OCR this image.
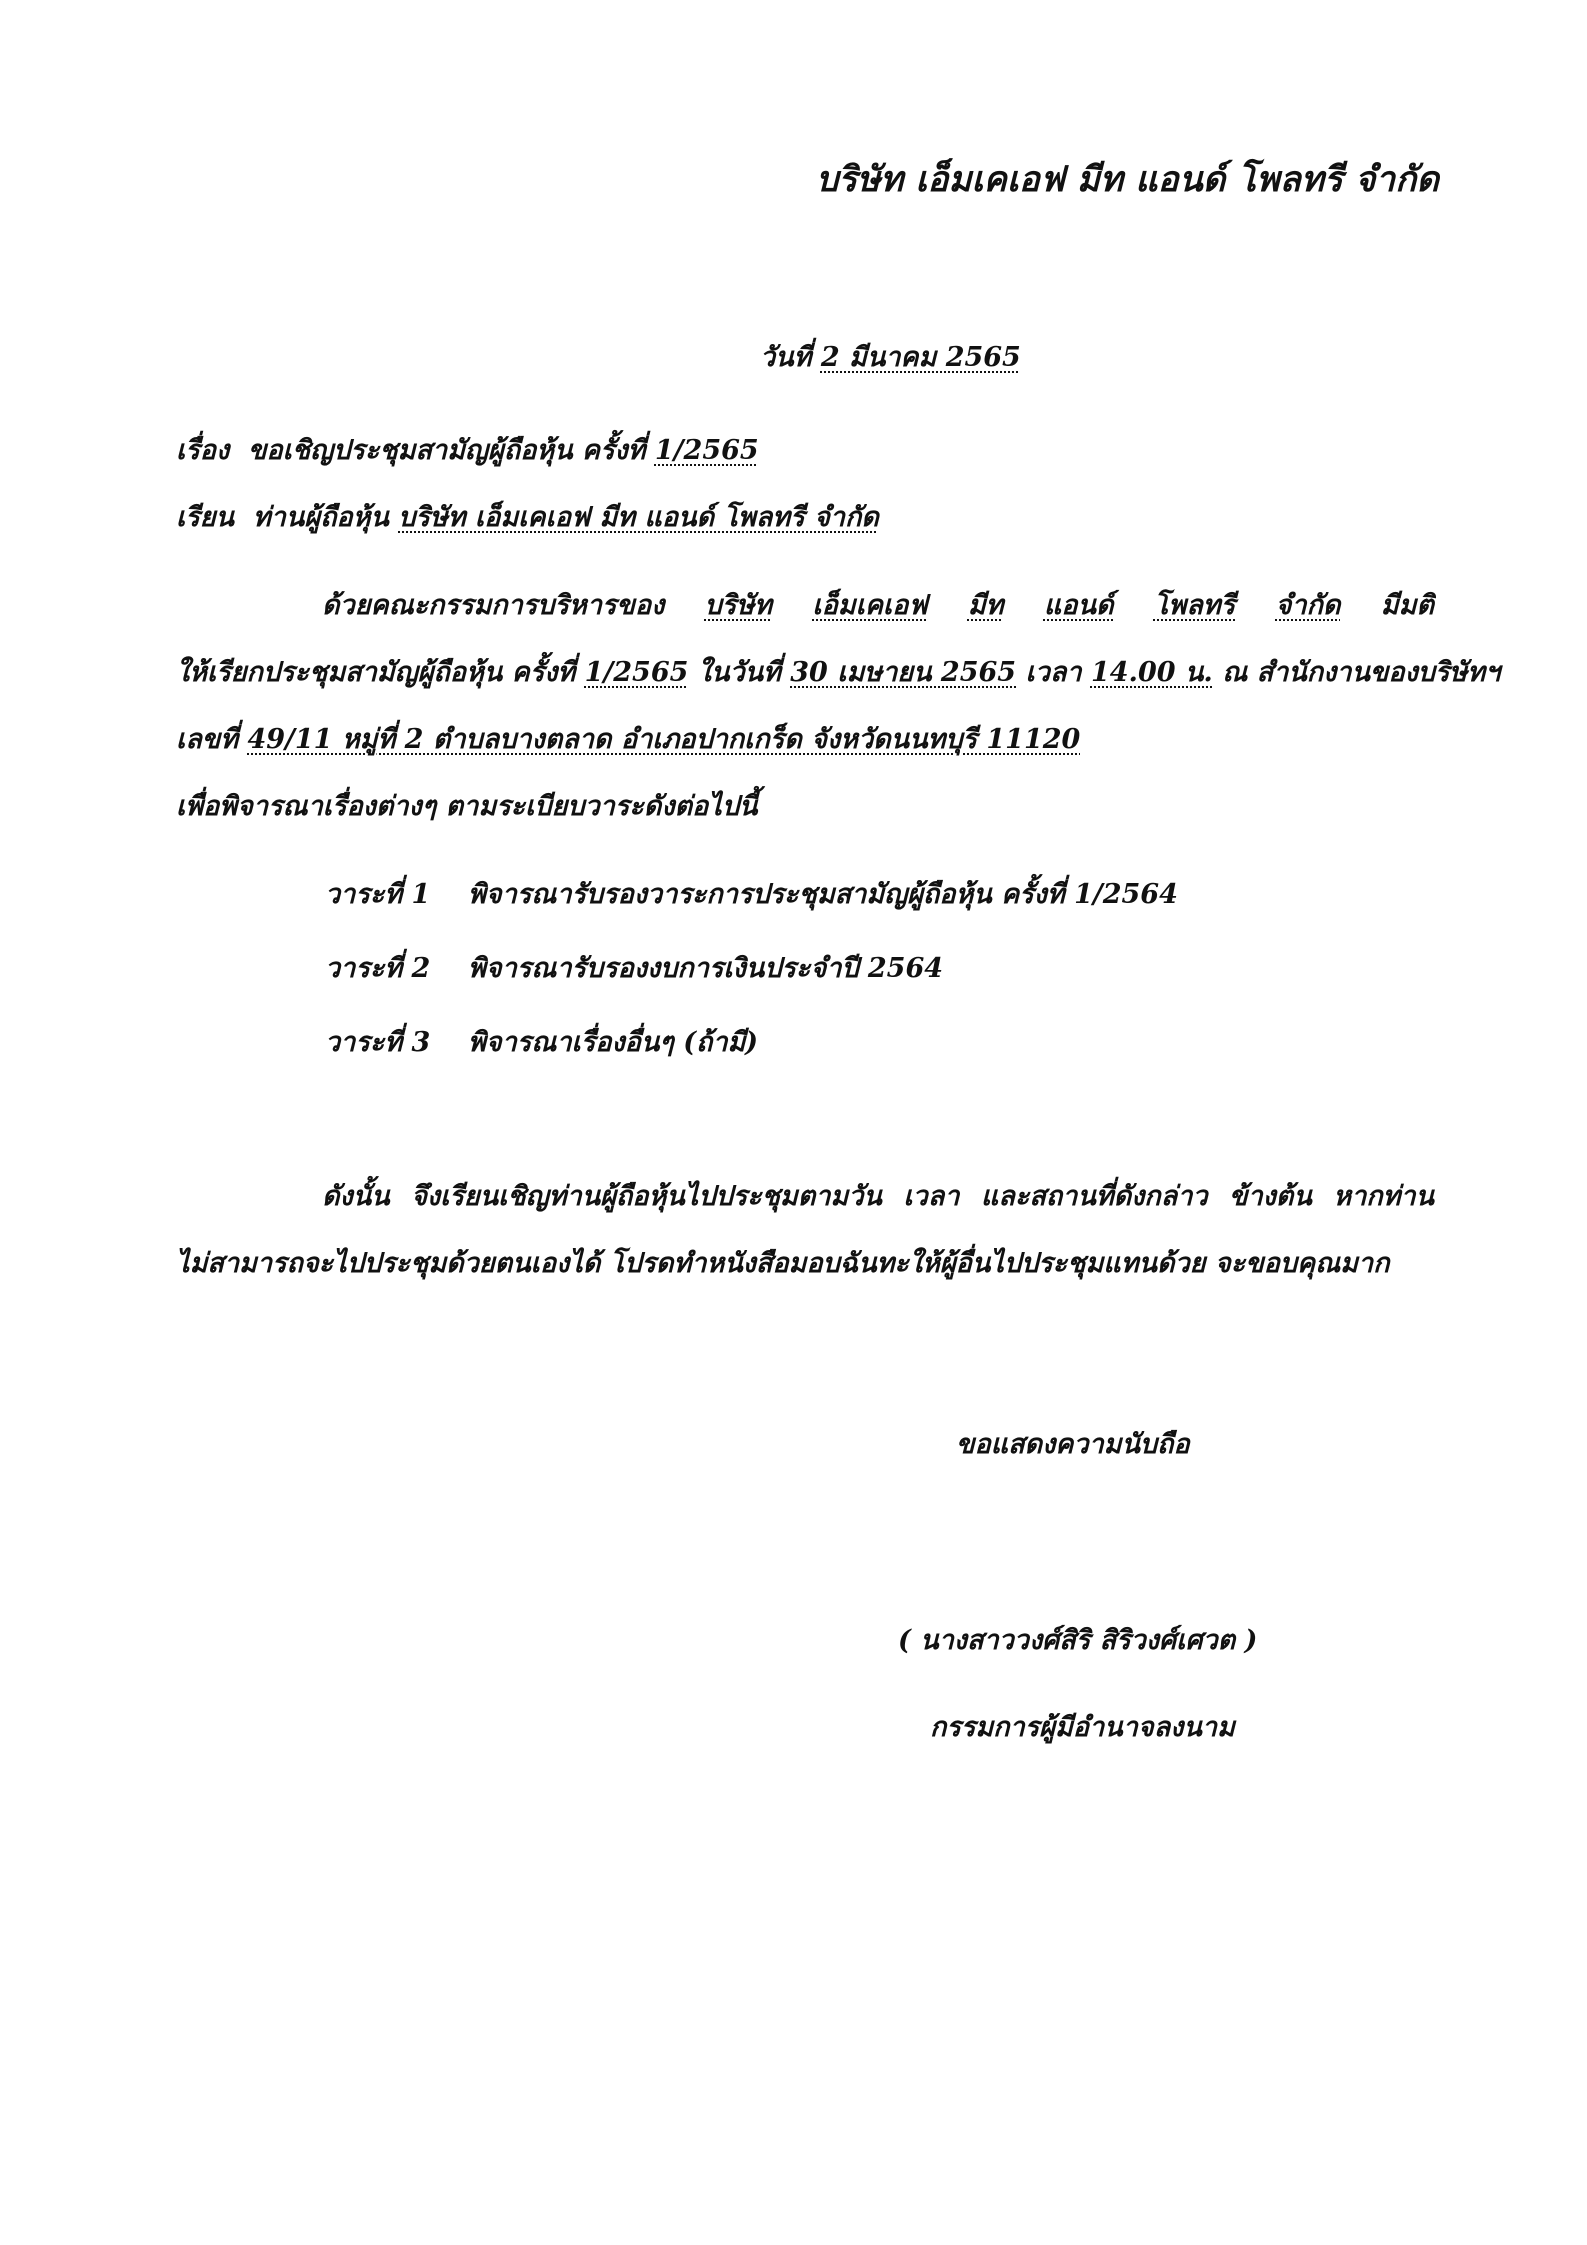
บริษัท เอ็มเคเอฟ มีท แอนด์ โพลทรี จำกัด
วันที่ 2 มีนาคม 2565
เรื่อง ขอเชิญประชุมสามัญผู้ถือหุ้น ครั้งที่ 1/2565
เรียน ท่านผู้ถือหุ้น บริษัท เอ็มเคเอฟ มีท แอนด์ โพลทรี จำกัด
ด้วยคณะกรรมการบริหารของ บริษัท เอ็มเคเอฟ มีท แอนด์ โพลทรี จำกัด มีมติ
ให้เรียกประชุมสามัญผู้ถือหุ้น ครั้งที่ 1/2565 ในวันที่ 30 เมษายน 2565 เวลา 14.00 น. ณ สำนักงานของบริษัทฯ
เลขที่ 49/11 หมู่ที่ 2 ตำบลบางตลาด อำเภอปากเกร็ด จังหวัดนนทบุรี 11120
เพื่อพิจารณาเรื่องต่างๆ ตามระเบียบวาระดังต่อไปนี้
วาระที่ 1 พิจารณารับรองวาระการประชุมสามัญผู้ถือหุ้น ครั้งที่ 1/2564
วาระที่ 2 พิจารณารับรองงบการเงินประจำปี 2564
วาระที่ 3 พิจารณาเรื่องอื่นๆ (ถ้ามี)
ดังนั้น จึงเรียนเชิญท่านผู้ถือหุ้นไปประชุมตามวัน เวลา และสถานที่ดังกล่าว ข้างต้น หากท่าน
ไม่สามารถจะไปประชุมด้วยตนเองได้ โปรดทำหนังสือมอบฉันทะให้ผู้อื่นไปประชุมแทนด้วย จะขอบคุณมาก
ขอแสดงความนับถือ
( นางสาววงศ์สิริ สิริวงศ์เศวต )
กรรมการผู้มีอำนาจลงนาม
